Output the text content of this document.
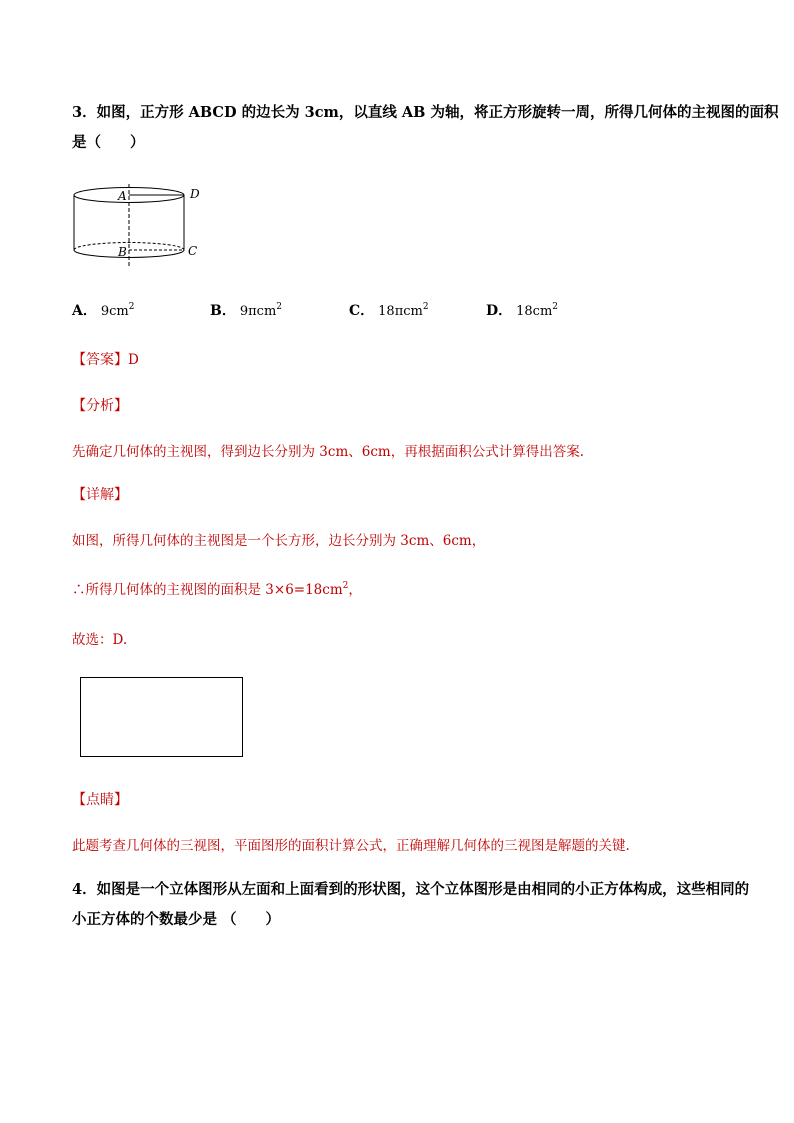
3．如图，正方形 ABCD 的边长为 3cm，以直线 AB 为轴，将正方形旋转一周，所得几何体的主视图的面积
是（　　）
A	D
B	C
A． $9cm^2$	B． 9πcm$^2$	C． 18πcm$^2$	D． $18cm^2$
【答案】D
【分析】
先确定几何体的主视图，得到边长分别为 3cm、6cm，再根据面积公式计算得出答案.
【详解】
如图，所得几何体的主视图是一个长方形，边长分别为 3cm、6cm，
∴所得几何体的主视图的面积是 $3\times 6=18cm^2$，
故选：D.
【点睛】
此题考查几何体的三视图，平面图形的面积计算公式，正确理解几何体的三视图是解题的关键.
4．如图是一个立体图形从左面和上面看到的形状图，这个立体图形是由相同的小正方体构成，这些相同的
小正方体的个数最少是 （　　）
